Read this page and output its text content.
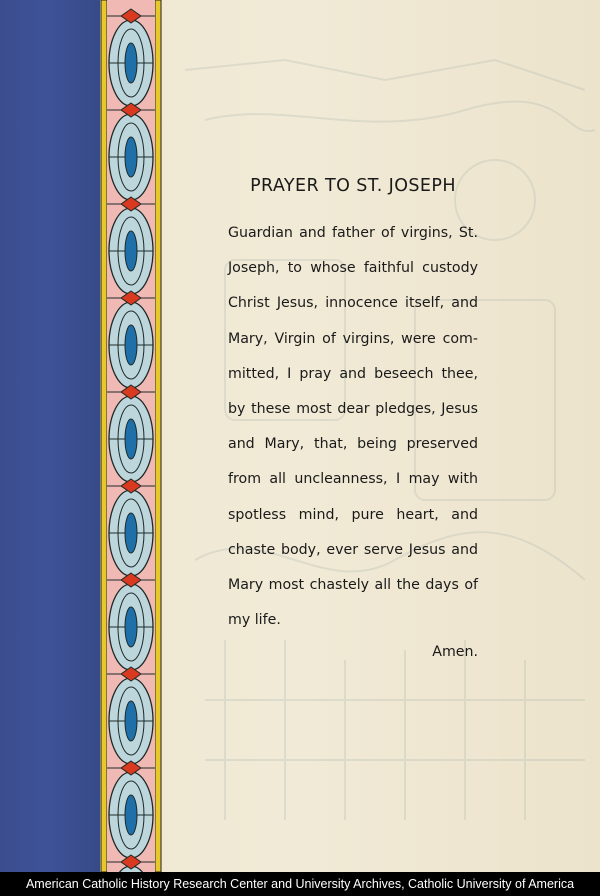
PRAYER TO ST. JOSEPH

Guardian and father of virgins, St. Joseph, to whose faithful custody Christ Jesus, innocence itself, and Mary, Virgin of virgins, were com-mitted, I pray and beseech thee, by these most dear pledges, Jesus and Mary, that, being preserved from all uncleanness, I may with spotless mind, pure heart, and chaste body, ever serve Jesus and Mary most chastely all the days of my life.

Amen.
American Catholic History Research Center and University Archives, Catholic University of America
